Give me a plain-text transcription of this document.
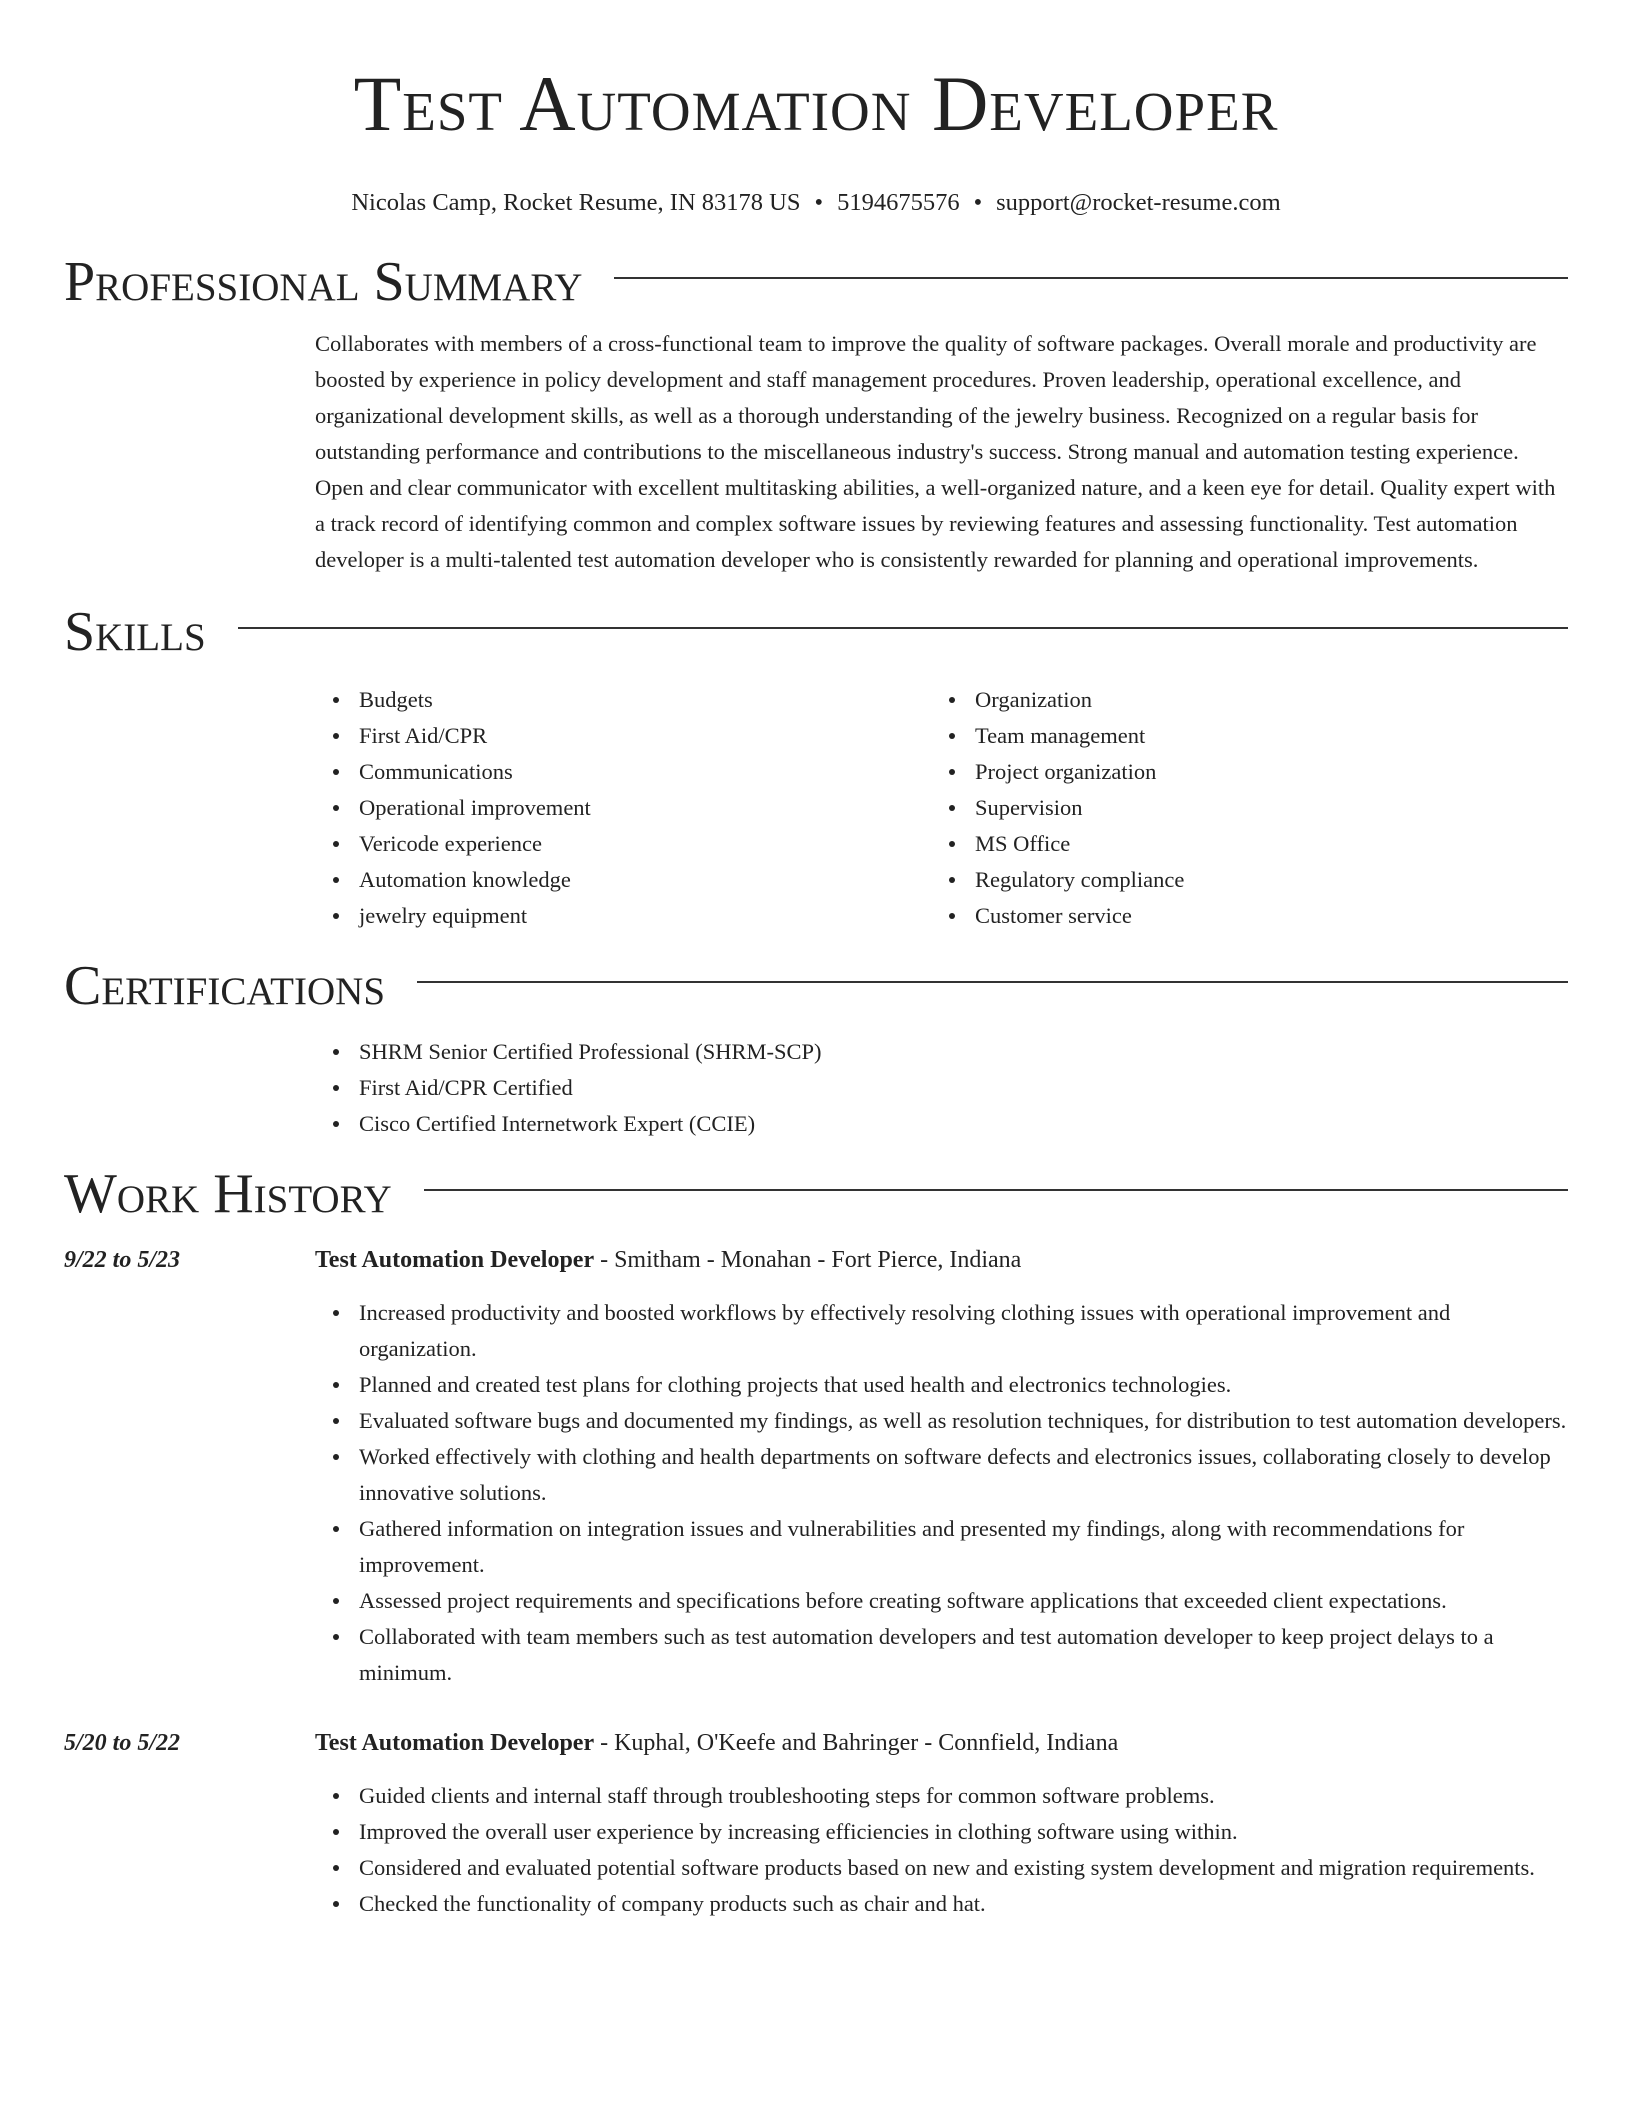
Test Automation Developer
Nicolas Camp, Rocket Resume, IN 83178 US • 5194675576 • support@rocket-resume.com
Professional Summary

Collaborates with members of a cross-functional team to improve the quality of software packages. Overall morale and productivity are boosted by experience in policy development and staff management procedures. Proven leadership, operational excellence, and organizational development skills, as well as a thorough understanding of the jewelry business. Recognized on a regular basis for outstanding performance and contributions to the miscellaneous industry's success. Strong manual and automation testing experience. Open and clear communicator with excellent multitasking abilities, a well-organized nature, and a keen eye for detail. Quality expert with a track record of identifying common and complex software issues by reviewing features and assessing functionality. Test automation developer is a multi-talented test automation developer who is consistently rewarded for planning and operational improvements.

Skills
Budgets
First Aid/CPR
Communications
Operational improvement
Vericode experience
Automation knowledge
jewelry equipment
Organization
Team management
Project organization
Supervision
MS Office
Regulatory compliance
Customer service
Certifications
SHRM Senior Certified Professional (SHRM-SCP)
First Aid/CPR Certified
Cisco Certified Internetwork Expert (CCIE)
Work History
9/22 to 5/23	Test Automation Developer - Smitham - Monahan - Fort Pierce, Indiana
Increased productivity and boosted workflows by effectively resolving clothing issues with operational improvement and organization.
Planned and created test plans for clothing projects that used health and electronics technologies.
Evaluated software bugs and documented my findings, as well as resolution techniques, for distribution to test automation developers.
Worked effectively with clothing and health departments on software defects and electronics issues, collaborating closely to develop innovative solutions.
Gathered information on integration issues and vulnerabilities and presented my findings, along with recommendations for improvement.
Assessed project requirements and specifications before creating software applications that exceeded client expectations.
Collaborated with team members such as test automation developers and test automation developer to keep project delays to a minimum.
5/20 to 5/22	Test Automation Developer - Kuphal, O'Keefe and Bahringer - Connfield, Indiana
Guided clients and internal staff through troubleshooting steps for common software problems.
Improved the overall user experience by increasing efficiencies in clothing software using within.
Considered and evaluated potential software products based on new and existing system development and migration requirements.
Checked the functionality of company products such as chair and hat.
